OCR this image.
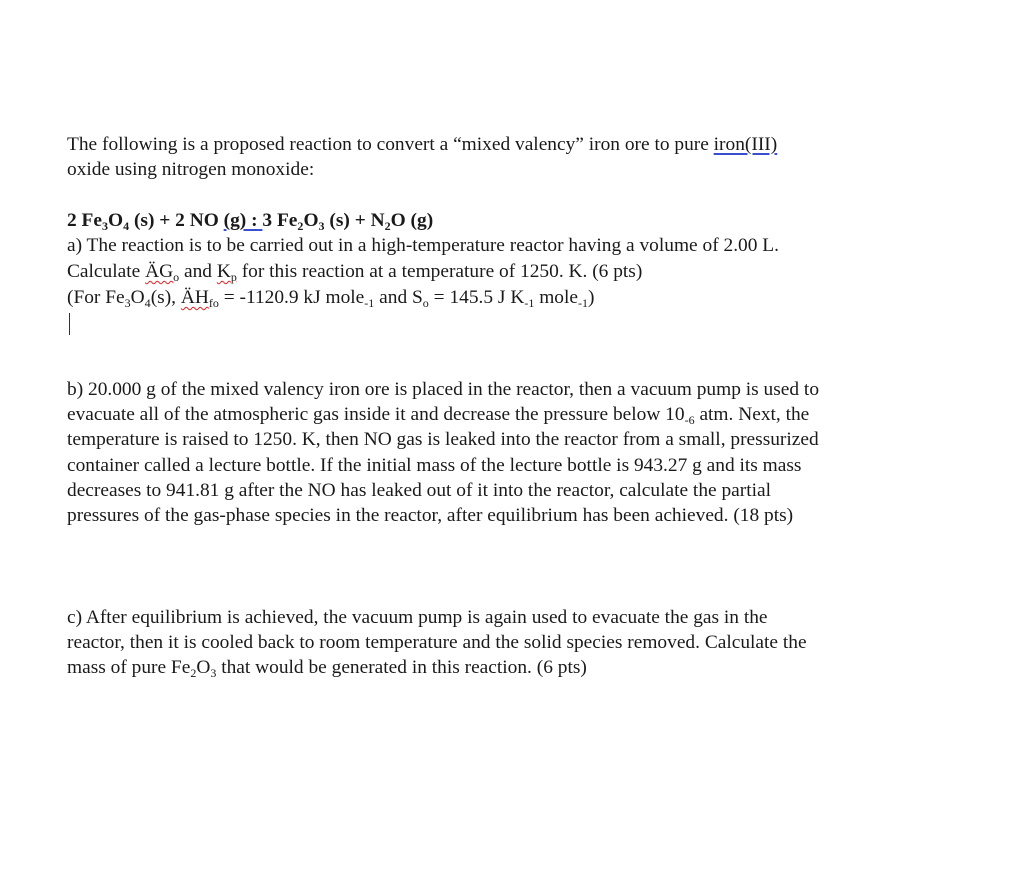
The following is a proposed reaction to convert a “mixed valency” iron ore to pure iron(III)
oxide using nitrogen monoxide:
2 $Fe_3O_4$ (s) + 2 NO (g) : 3 $Fe_2O_3$ $(s) + N_2O$ (g)
a) The reaction is to be carried out in a high-temperature reactor having a volume of 2.00 L.
Calculate $ÄG_o$ and $K_p$ for this reaction at a temperature of 1250. K. (6 pts)
(For $Fe_3O_4(s)$, $ÄH_{fo} = -1120.9$ kJ mole$_{-1}$ and $S_o = 145.5$ J $K_{-1}$ mole$_{-1}$)
b) 20.000 g of the mixed valency iron ore is placed in the reactor, then a vacuum pump is used to
evacuate all of the atmospheric gas inside it and decrease the pressure below $10_{-6}$ atm. Next, the
temperature is raised to 1250. K, then NO gas is leaked into the reactor from a small, pressurized
container called a lecture bottle. If the initial mass of the lecture bottle is 943.27 g and its mass
decreases to 941.81 g after the NO has leaked out of it into the reactor, calculate the partial
pressures of the gas-phase species in the reactor, after equilibrium has been achieved. (18 pts)
c) After equilibrium is achieved, the vacuum pump is again used to evacuate the gas in the
reactor, then it is cooled back to room temperature and the solid species removed. Calculate the
mass of pure $Fe_2O_3$ that would be generated in this reaction. (6 pts)
